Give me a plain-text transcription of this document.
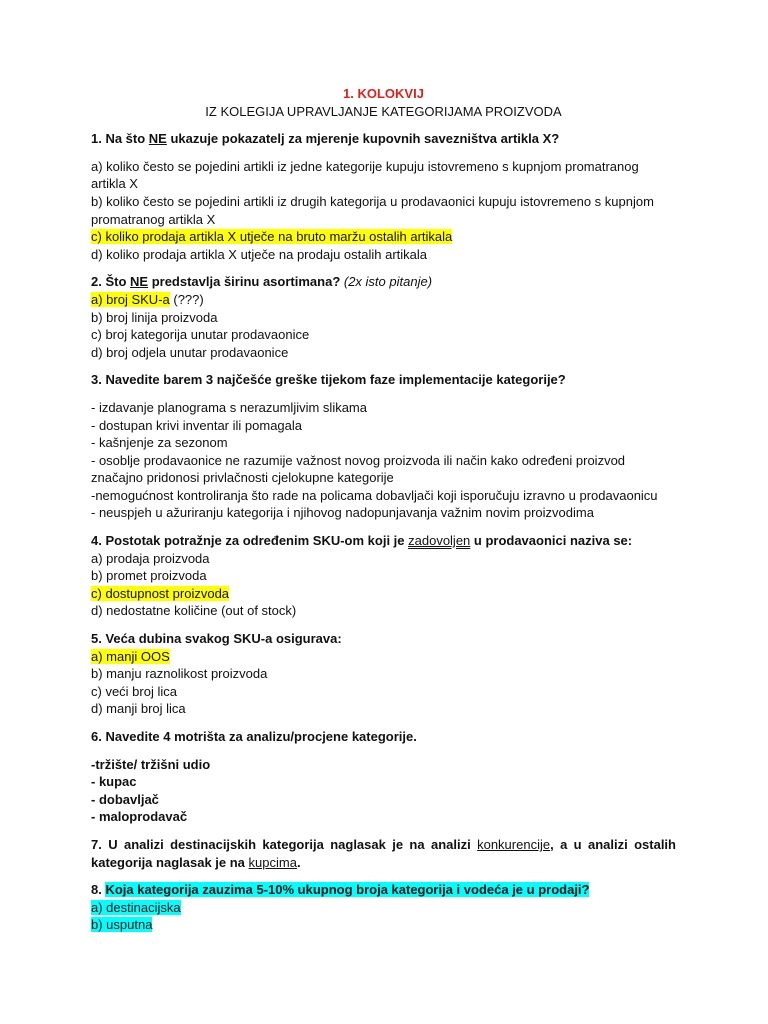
1. KOLOKVIJ
IZ KOLEGIJA UPRAVLJANJE KATEGORIJAMA PROIZVODA
1. Na što NE ukazuje pokazatelj za mjerenje kupovnih savezništva artikla X?
a) koliko često se pojedini artikli iz jedne kategorije kupuju istovremeno s kupnjom promatranog
artikla X
b) koliko često se pojedini artikli iz drugih kategorija u prodavaonici kupuju istovremeno s kupnjom
promatranog artikla X
c) koliko prodaja artikla X utječe na bruto maržu ostalih artikala
d) koliko prodaja artikla X utječe na prodaju ostalih artikala
2. Što NE predstavlja širinu asortimana? (2x isto pitanje)
a) broj SKU-a (???)
b) broj linija proizvoda
c) broj kategorija unutar prodavaonice
d) broj odjela unutar prodavaonice
3. Navedite barem 3 najčešće greške tijekom faze implementacije kategorije?
- izdavanje planograma s nerazumljivim slikama
- dostupan krivi inventar ili pomagala
- kašnjenje za sezonom
- osoblje prodavaonice ne razumije važnost novog proizvoda ili način kako određeni proizvod
značajno pridonosi privlačnosti cjelokupne kategorije
-nemogućnost kontroliranja što rade na policama dobavljači koji isporučuju izravno u prodavaonicu
- neuspjeh u ažuriranju kategorija i njihovog nadopunjavanja važnim novim proizvodima
4. Postotak potražnje za određenim SKU-om koji je zadovoljen u prodavaonici naziva se:
a) prodaja proizvoda
b) promet proizvoda
c) dostupnost proizvoda
d) nedostatne količine (out of stock)
5. Veća dubina svakog SKU-a osigurava:
a) manji OOS
b) manju raznolikost proizvoda
c) veći broj lica
d) manji broj lica
6. Navedite 4 motrišta za analizu/procjene kategorije.
-tržište/ tržišni udio
- kupac
- dobavljač
- maloprodavač
7. U analizi destinacijskih kategorija naglasak je na analizi konkurencije, a u analizi ostalih kategorija naglasak je na kupcima.
8. Koja kategorija zauzima 5-10% ukupnog broja kategorija i vodeća je u prodaji?
a) destinacijska
b) usputna
